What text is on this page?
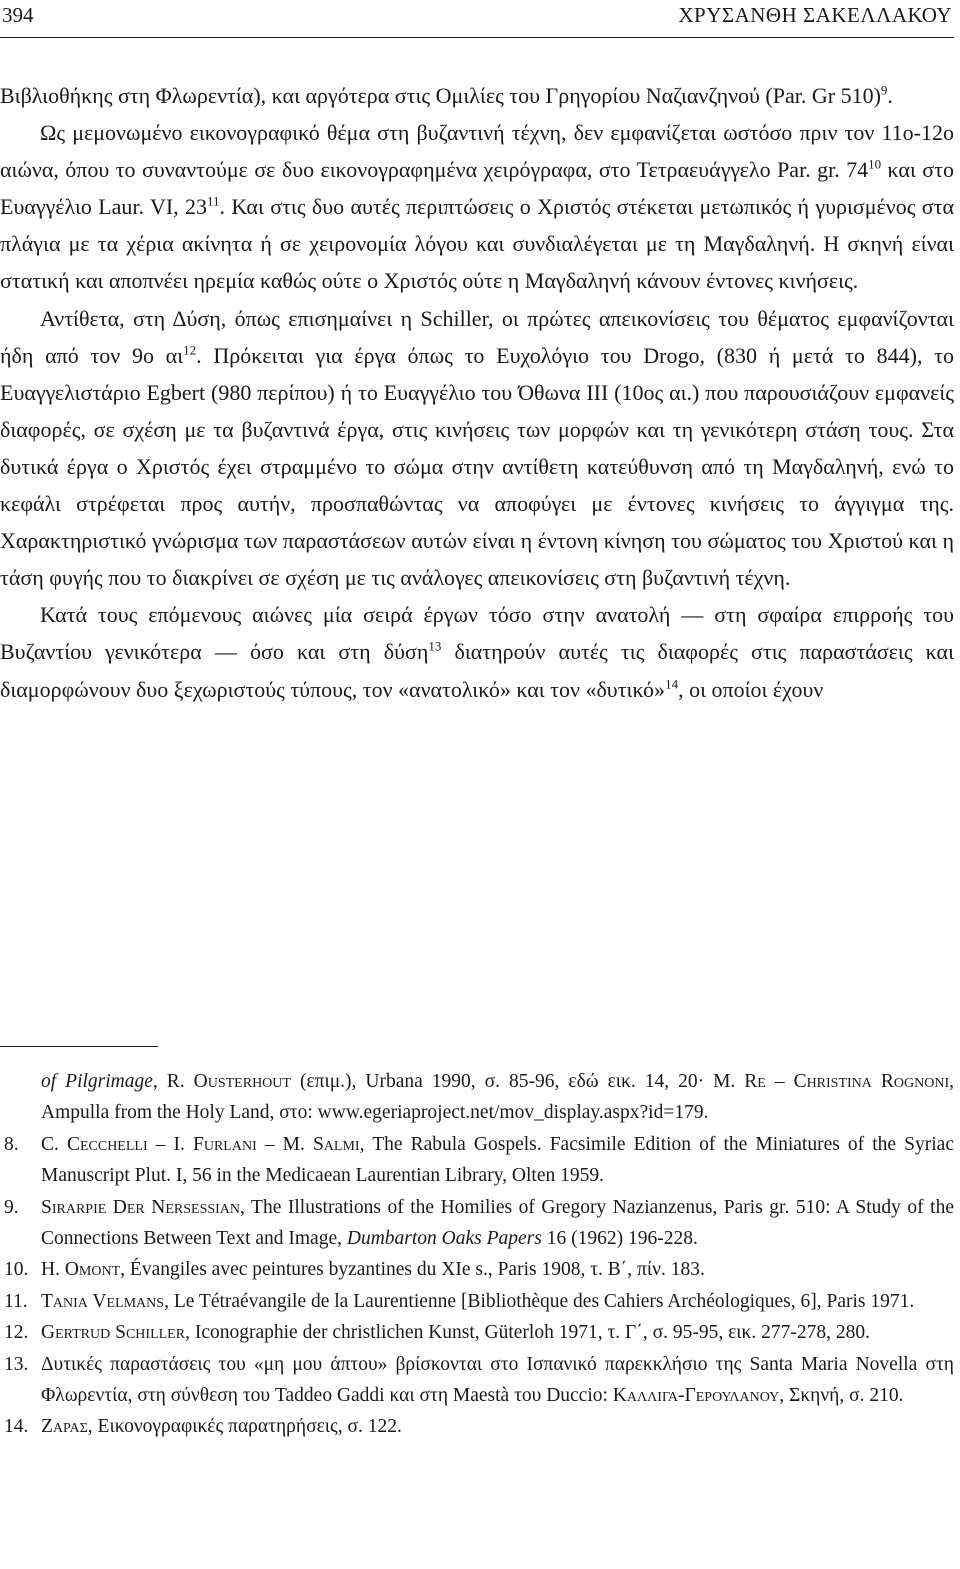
394	ΧΡΥΣΑΝΘΗ ΣΑΚΕΛΛΑΚΟΥ

Βιβλιοθήκης στη Φλωρεντία), και αργότερα στις Ομιλίες του Γρηγορίου Ναζιανζηνού (Par. Gr 510)$^9$.

Ως μεμονωμένο εικονογραφικό θέμα στη βυζαντινή τέχνη, δεν εμφανίζεται ωστόσο πριν τον 11ο-12ο αιώνα, όπου το συναντούμε σε δυο εικονογραφημένα χειρόγραφα, στο Τετραευάγγελο Par. gr. $74^{10}$ και στο Ευαγγέλιο Laur. VI, $23^{11}$. Και στις δυο αυτές περιπτώσεις ο Χριστός στέκεται μετωπικός ή γυρισμένος στα πλάγια με τα χέρια ακίνητα ή σε χειρονομία λόγου και συνδιαλέγεται με τη Μαγδαληνή. Η σκηνή είναι στατική και αποπνέει ηρεμία καθώς ούτε ο Χριστός ούτε η Μαγδαληνή κάνουν έντονες κινήσεις.

Αντίθετα, στη Δύση, όπως επισημαίνει η Schiller, οι πρώτες απεικονίσεις του θέματος εμφανίζονται ήδη από τον 9ο $\alpha\iota^{12}$. Πρόκειται για έργα όπως το Ευχολόγιο του Drogo, (830 ή μετά το 844), το Ευαγγελιστάριο Egbert (980 περίπου) ή το Ευαγγέλιο του Όθωνα ΙΙΙ (10ος αι.) που παρουσιάζουν εμφανείς διαφορές, σε σχέση με τα βυζαντινά έργα, στις κινήσεις των μορφών και τη γενικότερη στάση τους. Στα δυτικά έργα ο Χριστός έχει στραμμένο το σώμα στην αντίθετη κατεύθυνση από τη Μαγδαληνή, ενώ το κεφάλι στρέφεται προς αυτήν, προσπαθώντας να αποφύγει με έντονες κινήσεις το άγγιγμα της. Χαρακτηριστικό γνώρισμα των παραστάσεων αυτών είναι η έντονη κίνηση του σώματος του Χριστού και η τάση φυγής που το διακρίνει σε σχέση με τις ανάλογες απεικονίσεις στη βυζαντινή τέχνη.

Κατά τους επόμενους αιώνες μία σειρά έργων τόσο στην ανατολή — στη σφαίρα επιρροής του Βυζαντίου γενικότερα — όσο και στη δύση$^{13}$ διατηρούν αυτές τις διαφορές στις παραστάσεις και διαμορφώνουν δυο ξεχωριστούς τύπους, τον «ανατολικό» και τον «δυτικό»$^{14}$, οι οποίοι έχουν

of Pilgrimage, R. Ousterhout (επιμ.), Urbana 1990, σ. 85-96, εδώ εικ. 14, 20· M. Re – Christina Rognoni, Ampulla from the Holy Land, στο: www.egeriaproject.net/mov_display.aspx?id=179.
8. C. Cecchelli – I. Furlani – M. Salmi, The Rabula Gospels. Facsimile Edition of the Miniatures of the Syriac Manuscript Plut. I, 56 in the Medicaean Laurentian Library, Olten 1959.
9. Sirarpie Der Nersessian, The Illustrations of the Homilies of Gregory Nazianzenus, Paris gr. 510: A Study of the Connections Between Text and Image, Dumbarton Oaks Papers 16 (1962) 196-228.
10. H. Omont, Évangiles avec peintures byzantines du XIe s., Paris 1908, τ. Β΄, πίν. 183.
11. Tania Velmans, Le Tétraévangile de la Laurentienne [Bibliothèque des Cahiers Archéologiques, 6], Paris 1971.
12. Gertrud Schiller, Iconographie der christlichen Kunst, Güterloh 1971, τ. Γ΄, σ. 95-95, εικ. 277-278, 280.
13. Δυτικές παραστάσεις του «μη μου άπτου» βρίσκονται στο Ισπανικό παρεκκλήσιο της Santa Maria Novella στη Φλωρεντία, στη σύνθεση του Taddeo Gaddi και στη Maestà του Duccio: Καλλιγα-Γερουλανου, Σκηνή, σ. 210.
14. Ζαρας, Εικονογραφικές παρατηρήσεις, σ. 122.
